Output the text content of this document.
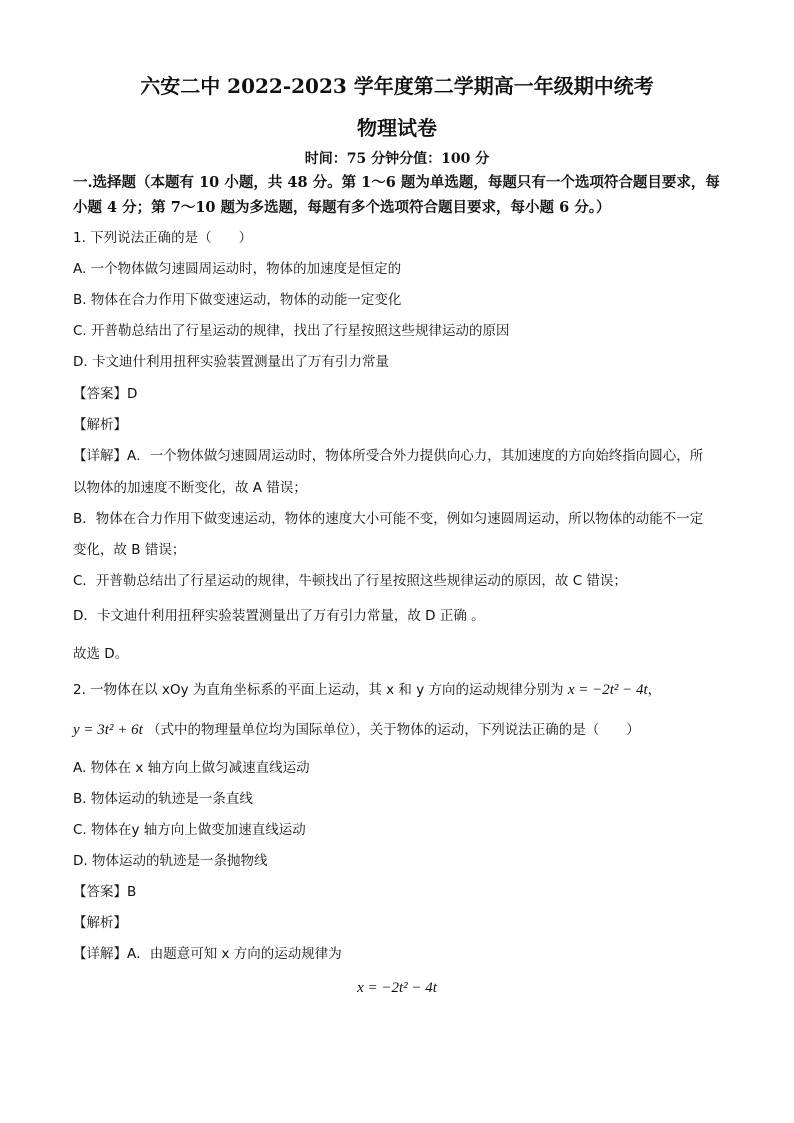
六安二中 2022-2023 学年度第二学期高一年级期中统考
物理试卷
时间：75 分钟分值：100 分
一.选择题（本题有 10 小题，共 48 分。第 1～6 题为单选题，每题只有一个选项符合题目要求，每小题 4 分；第 7～10 题为多选题，每题有多个选项符合题目要求，每小题 6 分。）
1. 下列说法正确的是（　　）
A. 一个物体做匀速圆周运动时，物体的加速度是恒定的
B. 物体在合力作用下做变速运动，物体的动能一定变化
C. 开普勒总结出了行星运动的规律，找出了行星按照这些规律运动的原因
D. 卡文迪什利用扭秤实验装置测量出了万有引力常量
【答案】D
【解析】
【详解】A．一个物体做匀速圆周运动时，物体所受合外力提供向心力，其加速度的方向始终指向圆心，所
以物体的加速度不断变化，故 A 错误；
B．物体在合力作用下做变速运动，物体的速度大小可能不变，例如匀速圆周运动，所以物体的动能不一定
变化，故 B 错误；
C．开普勒总结出了行星运动的规律，牛顿找出了行星按照这些规律运动的原因，故 C 错误；
D．卡文迪什利用扭秤实验装置测量出了万有引力常量，故 D 正确 。
故选 D。
2. 一物体在以 xOy 为直角坐标系的平面上运动，其 x 和 y 方向的运动规律分别为 x = −2t² − 4t，
y = 3t² + 6t （式中的物理量单位均为国际单位），关于物体的运动，下列说法正确的是（　　）
A. 物体在 x 轴方向上做匀减速直线运动
B. 物体运动的轨迹是一条直线
C. 物体在y 轴方向上做变加速直线运动
D. 物体运动的轨迹是一条抛物线
【答案】B
【解析】
【详解】A．由题意可知 x 方向的运动规律为
x = −2t² − 4t
